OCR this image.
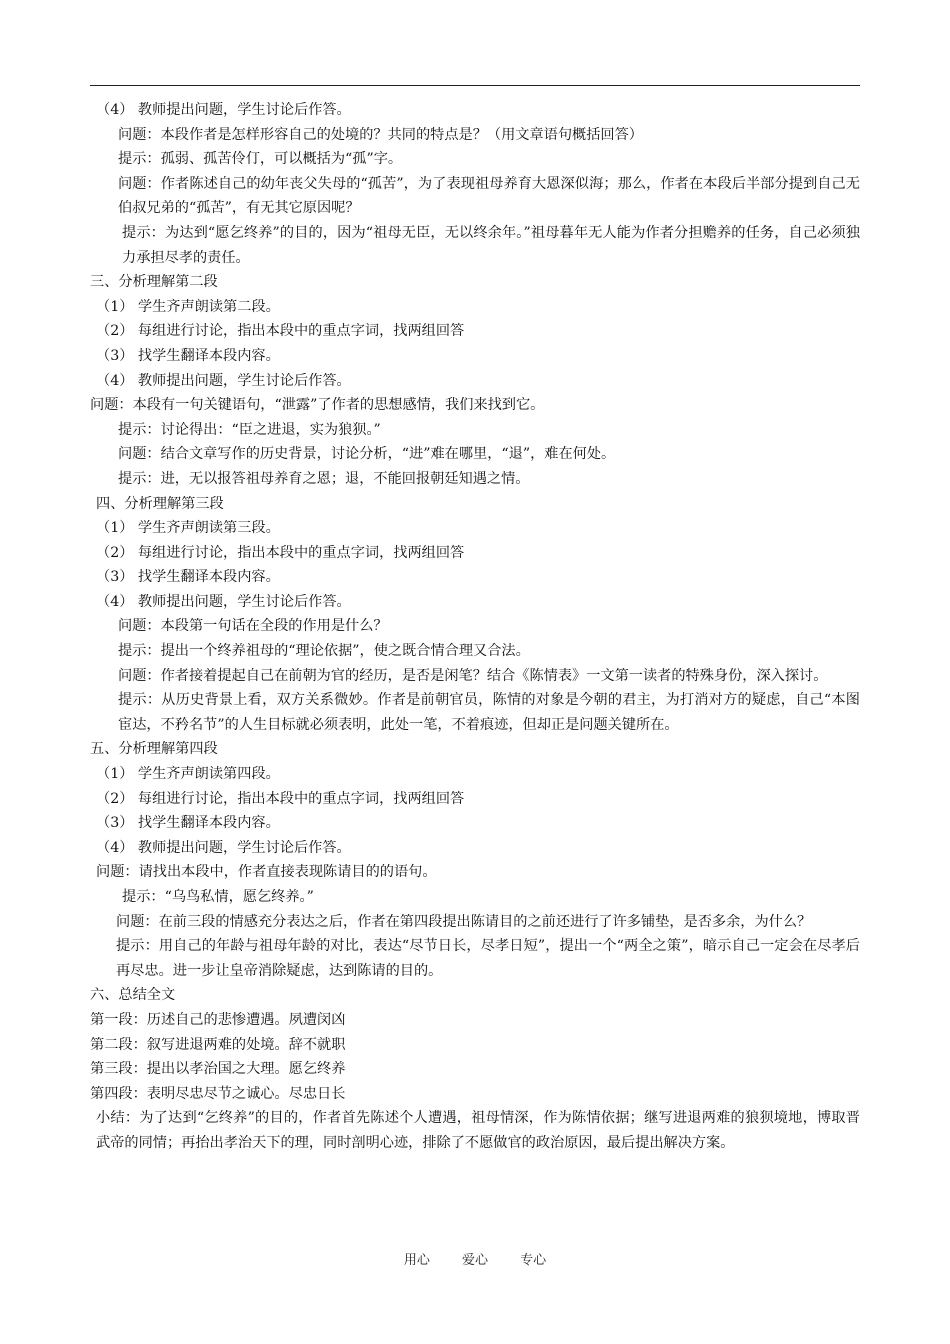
（4） 教师提出问题，学生讨论后作答。

问题：本段作者是怎样形容自己的处境的？共同的特点是？（用文章语句概括回答）

提示：孤弱、孤苦伶仃，可以概括为“孤”字。

问题：作者陈述自己的幼年丧父失母的“孤苦”，为了表现祖母养育大恩深似海；那么，作者在本段后半部分提到自己无伯叔兄弟的“孤苦”，有无其它原因呢？

提示：为达到“愿乞终养”的目的，因为“祖母无臣，无以终余年。”祖母暮年无人能为作者分担赡养的任务，自己必须独力承担尽孝的责任。

三、分析理解第二段

（1） 学生齐声朗读第二段。

（2） 每组进行讨论，指出本段中的重点字词，找两组回答

（3） 找学生翻译本段内容。

（4） 教师提出问题，学生讨论后作答。

问题：本段有一句关键语句，“泄露”了作者的思想感情，我们来找到它。

提示：讨论得出：“臣之进退，实为狼狈。”

问题：结合文章写作的历史背景，讨论分析，“进”难在哪里，“退”，难在何处。

提示：进，无以报答祖母养育之恩；退，不能回报朝廷知遇之情。

四、分析理解第三段

（1） 学生齐声朗读第三段。

（2） 每组进行讨论，指出本段中的重点字词，找两组回答

（3） 找学生翻译本段内容。

（4） 教师提出问题，学生讨论后作答。

问题：本段第一句话在全段的作用是什么？

提示：提出一个终养祖母的“理论依据”，使之既合情合理又合法。

问题：作者接着提起自己在前朝为官的经历，是否是闲笔？结合《陈情表》一文第一读者的特殊身份，深入探讨。

提示：从历史背景上看，双方关系微妙。作者是前朝官员，陈情的对象是今朝的君主，为打消对方的疑虑，自己“本图宦达，不矜名节”的人生目标就必须表明，此处一笔，不着痕迹，但却正是问题关键所在。

五、分析理解第四段

（1） 学生齐声朗读第四段。

（2） 每组进行讨论，指出本段中的重点字词，找两组回答

（3） 找学生翻译本段内容。

（4） 教师提出问题，学生讨论后作答。

问题：请找出本段中，作者直接表现陈请目的的语句。

提示：“乌鸟私情，愿乞终养。”

问题：在前三段的情感充分表达之后，作者在第四段提出陈请目的之前还进行了许多铺垫，是否多余，为什么？

提示：用自己的年龄与祖母年龄的对比，表达“尽节日长，尽孝日短”，提出一个“两全之策”，暗示自己一定会在尽孝后再尽忠。进一步让皇帝消除疑虑，达到陈请的目的。

六、总结全文

第一段：历述自己的悲惨遭遇。夙遭闵凶

第二段：叙写进退两难的处境。辞不就职

第三段：提出以孝治国之大理。愿乞终养

第四段：表明尽忠尽节之诚心。尽忠日长

小结：为了达到“乞终养”的目的，作者首先陈述个人遭遇，祖母情深，作为陈情依据；继写进退两难的狼狈境地，博取晋武帝的同情；再抬出孝治天下的理，同时剖明心迹，排除了不愿做官的政治原因，最后提出解决方案。

用心 爱心 专心
